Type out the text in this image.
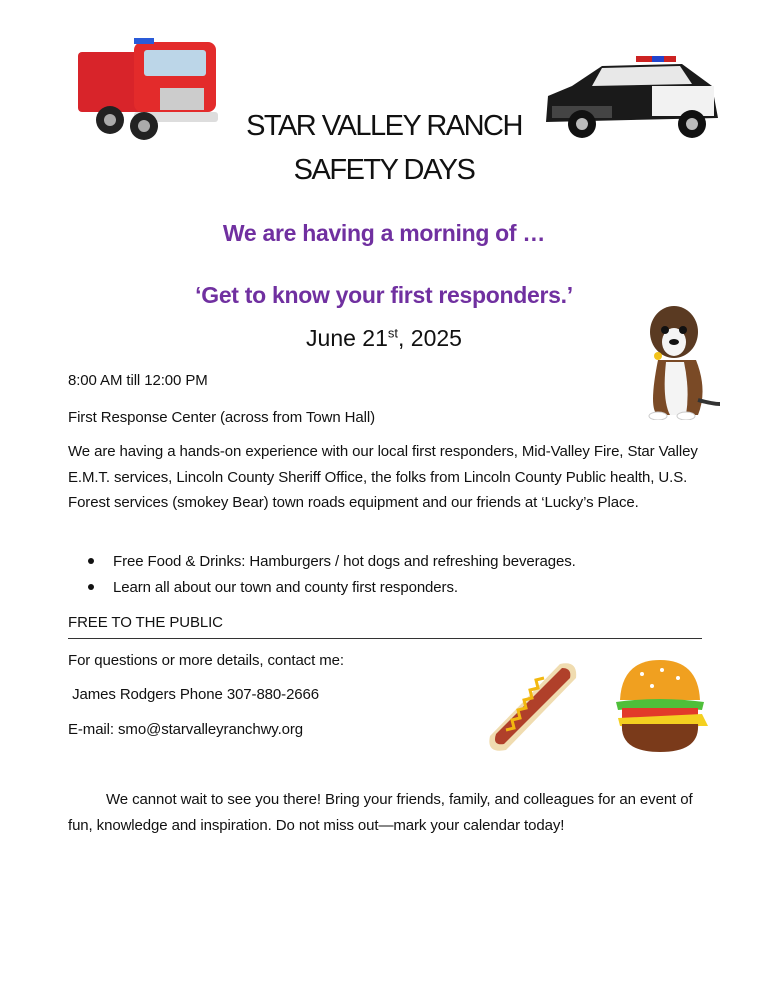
STAR VALLEY RANCH
SAFETY DAYS
We are having a morning of …
‘Get to know your first responders.’
June 21st, 2025
8:00 AM till 12:00 PM
First Response Center (across from Town Hall)
We are having a hands-on experience with our local first responders, Mid-Valley Fire, Star Valley E.M.T. services, Lincoln County Sheriff Office, the folks from Lincoln County Public health, U.S. Forest services (smokey Bear) town roads equipment and our friends at ‘Lucky’s Place.
Free Food & Drinks: Hamburgers / hot dogs and refreshing beverages.
Learn all about our town and county first responders.
FREE TO THE PUBLIC
For questions or more details, contact me:
James Rodgers Phone 307-880-2666
E-mail: smo@starvalleyranchwy.org
We cannot wait to see you there! Bring your friends, family, and colleagues for an event of fun, knowledge and inspiration. Do not miss out—mark your calendar today!
